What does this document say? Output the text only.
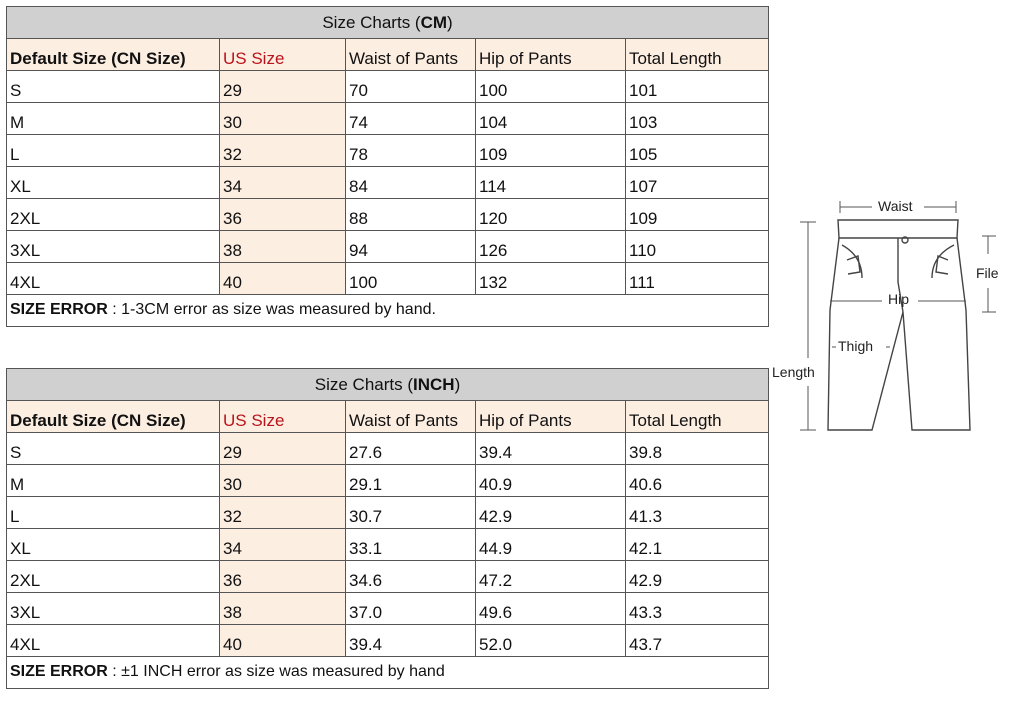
Size Charts (CM)				
Default Size (CN Size)	US Size	Waist of Pants	Hip of Pants	Total Length
S	29	70	100	101
M	30	74	104	103
L	32	78	109	105
XL	34	84	114	107
2XL	36	88	120	109
3XL	38	94	126	110
4XL	40	100	132	111
SIZE ERROR : 1-3CM error as size was measured by hand.				
Size Charts (INCH)				
Default Size (CN Size)	US Size	Waist of Pants	Hip of Pants	Total Length
S	29	27.6	39.4	39.8
M	30	29.1	40.9	40.6
L	32	30.7	42.9	41.3
XL	34	33.1	44.9	42.1
2XL	36	34.6	47.2	42.9
3XL	38	37.0	49.6	43.3
4XL	40	39.4	52.0	43.7
SIZE ERROR : ±1 INCH error as size was measured by hand				
Waist
File
Hip
Thigh
Length
